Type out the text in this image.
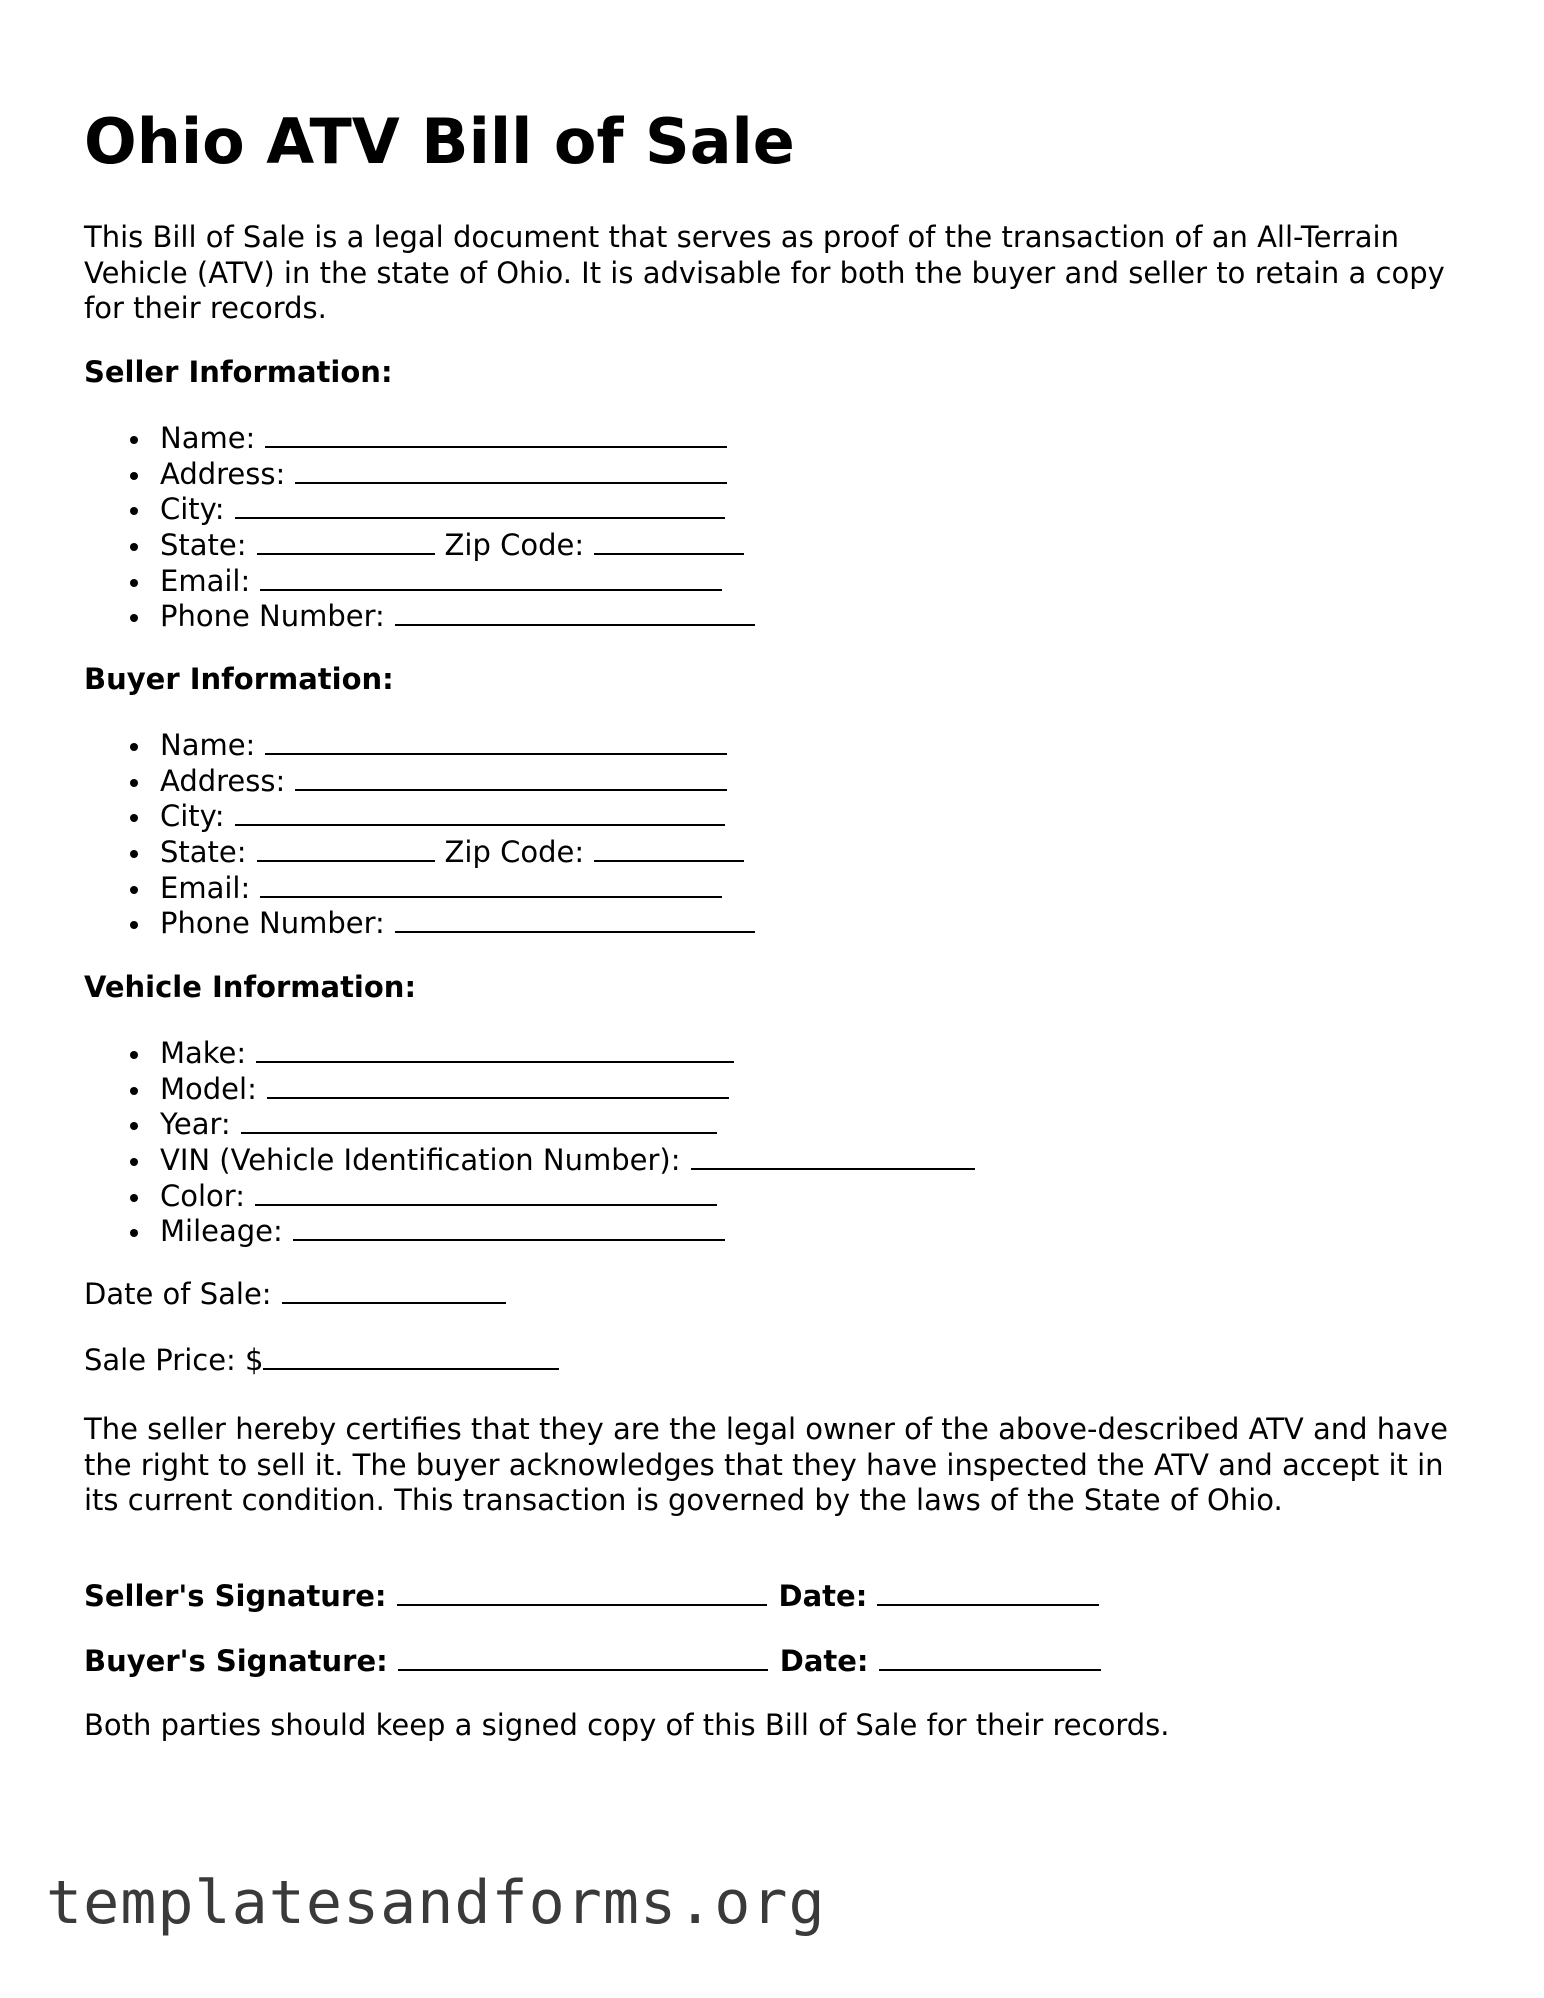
Ohio ATV Bill of Sale

This Bill of Sale is a legal document that serves as proof of the transaction of an All-Terrain Vehicle (ATV) in the state of Ohio. It is advisable for both the buyer and seller to retain a copy for their records.

Seller Information:
Name:
Address:
City:
State:	Zip Code:
Email:
Phone Number:
Buyer Information:
Name:
Address:
City:
State:	Zip Code:
Email:
Phone Number:
Vehicle Information:
Make:
Model:
Year:
VIN (Vehicle Identification Number):
Color:
Mileage:
Date of Sale:
Sale Price: $

The seller hereby certifies that they are the legal owner of the above-described ATV and have the right to sell it. The buyer acknowledges that they have inspected the ATV and accept it in its current condition. This transaction is governed by the laws of the State of Ohio.

Seller's Signature:	Date:
Buyer's Signature:	Date:

Both parties should keep a signed copy of this Bill of Sale for their records.

templatesandforms.org
